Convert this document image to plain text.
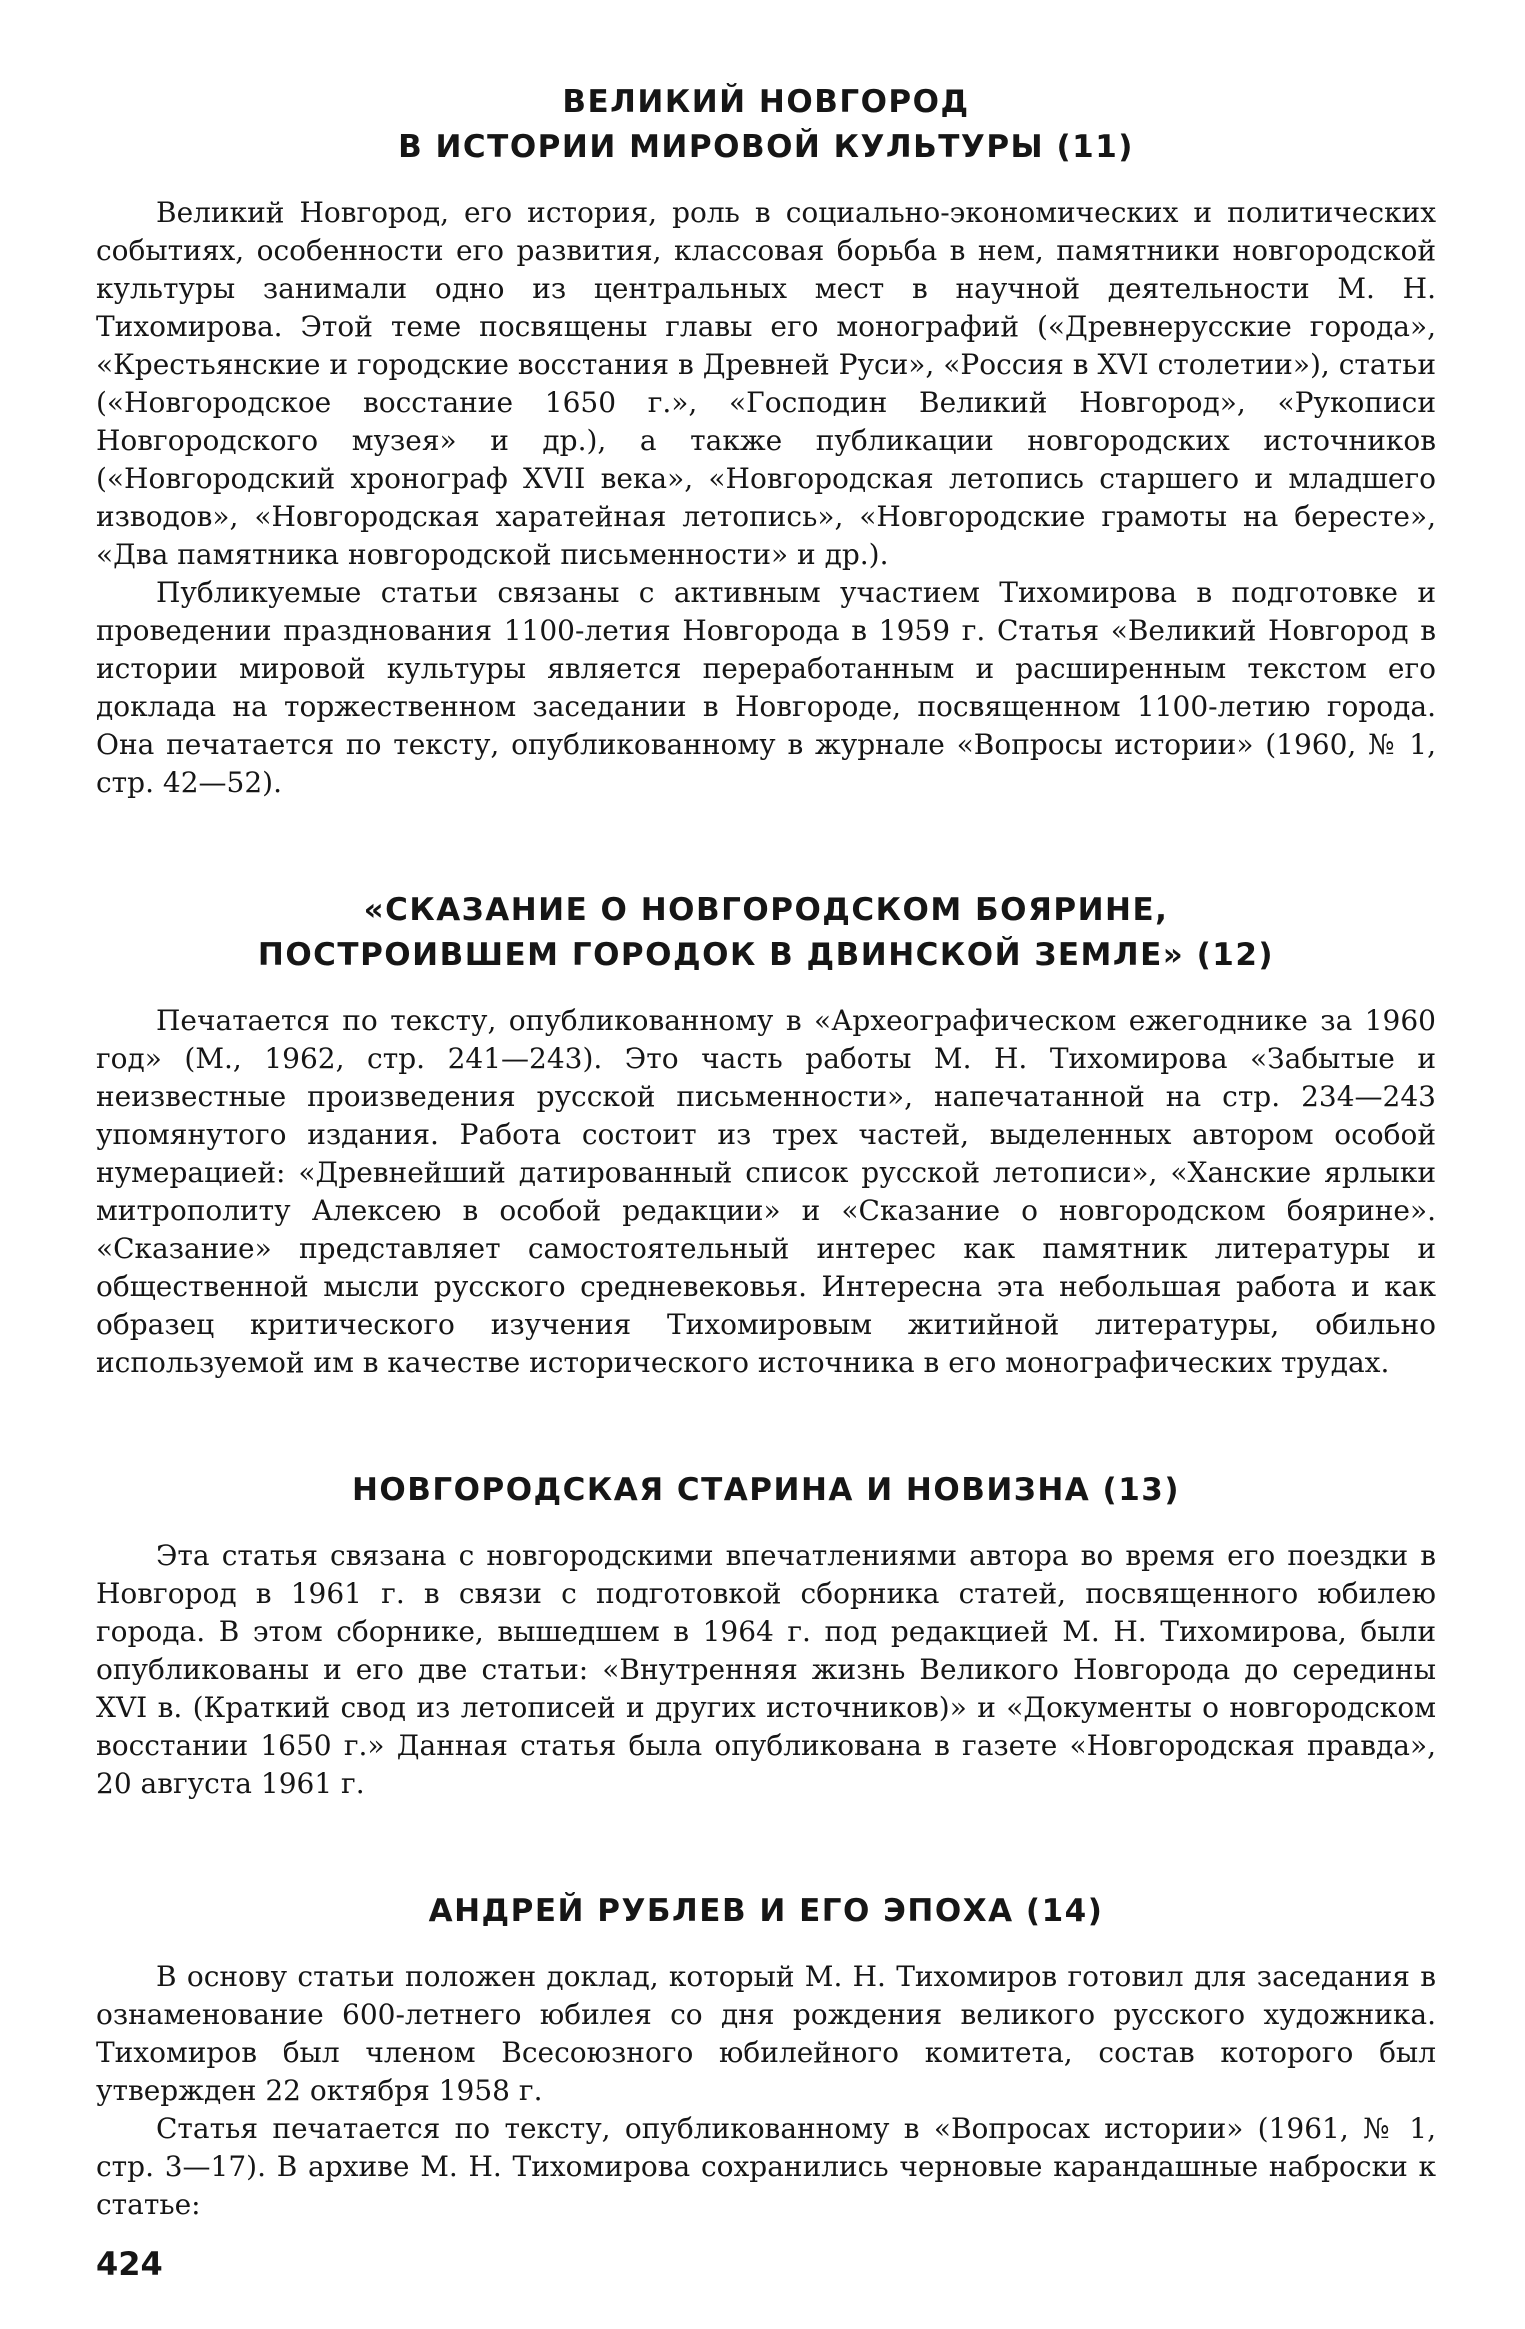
ВЕЛИКИЙ НОВГОРОД
В ИСТОРИИ МИРОВОЙ КУЛЬТУРЫ (11)

Великий Новгород, его история, роль в социально-экономических и политических событиях, особенности его развития, классовая борьба в нем, памятники новгородской культуры занимали одно из центральных мест в научной деятельности М. Н. Тихомирова. Этой теме посвящены главы его монографий («Древнерусские города», «Крестьянские и городские восстания в Древней Руси», «Россия в XVI столетии»), статьи («Новгородское восстание 1650 г.», «Господин Великий Новгород», «Рукописи Новгородского музея» и др.), а также публикации новгородских источников («Новгородский хронограф XVII века», «Новгородская летопись старшего и младшего изводов», «Новгородская харатейная летопись», «Новгородские грамоты на бересте», «Два памятника новгородской письменности» и др.).

Публикуемые статьи связаны с активным участием Тихомирова в подготовке и проведении празднования 1100-летия Новгорода в 1959 г. Статья «Великий Новгород в истории мировой культуры является переработанным и расширенным текстом его доклада на торжественном заседании в Новгороде, посвященном 1100-летию города. Она печатается по тексту, опубликованному в журнале «Вопросы истории» (1960, № 1, стр. 42—52).

«СКАЗАНИЕ О НОВГОРОДСКОМ БОЯРИНЕ,
ПОСТРОИВШЕМ ГОРОДОК В ДВИНСКОЙ ЗЕМЛЕ» (12)

Печатается по тексту, опубликованному в «Археографическом ежегоднике за 1960 год» (М., 1962, стр. 241—243). Это часть работы М. Н. Тихомирова «Забытые и неизвестные произведения русской письменности», напечатанной на стр. 234—243 упомянутого издания. Работа состоит из трех частей, выделенных автором особой нумерацией: «Древнейший датированный список русской летописи», «Ханские ярлыки митрополиту Алексею в особой редакции» и «Сказание о новгородском боярине». «Сказание» представляет самостоятельный интерес как памятник литературы и общественной мысли русского средневековья. Интересна эта небольшая работа и как образец критического изучения Тихомировым житийной литературы, обильно используемой им в качестве исторического источника в его монографических трудах.

НОВГОРОДСКАЯ СТАРИНА И НОВИЗНА (13)

Эта статья связана с новгородскими впечатлениями автора во время его поездки в Новгород в 1961 г. в связи с подготовкой сборника статей, посвященного юбилею города. В этом сборнике, вышедшем в 1964 г. под редакцией М. Н. Тихомирова, были опубликованы и его две статьи: «Внутренняя жизнь Великого Новгорода до середины XVI в. (Краткий свод из летописей и других источников)» и «Документы о новгородском восстании 1650 г.» Данная статья была опубликована в газете «Новгородская правда», 20 августа 1961 г.

АНДРЕЙ РУБЛЕВ И ЕГО ЭПОХА (14)

В основу статьи положен доклад, который М. Н. Тихомиров готовил для заседания в ознаменование 600-летнего юбилея со дня рождения великого русского художника. Тихомиров был членом Всесоюзного юбилейного комитета, состав которого был утвержден 22 октября 1958 г.

Статья печатается по тексту, опубликованному в «Вопросах истории» (1961, № 1, стр. 3—17). В архиве М. Н. Тихомирова сохранились черновые карандашные наброски к статье:

424
